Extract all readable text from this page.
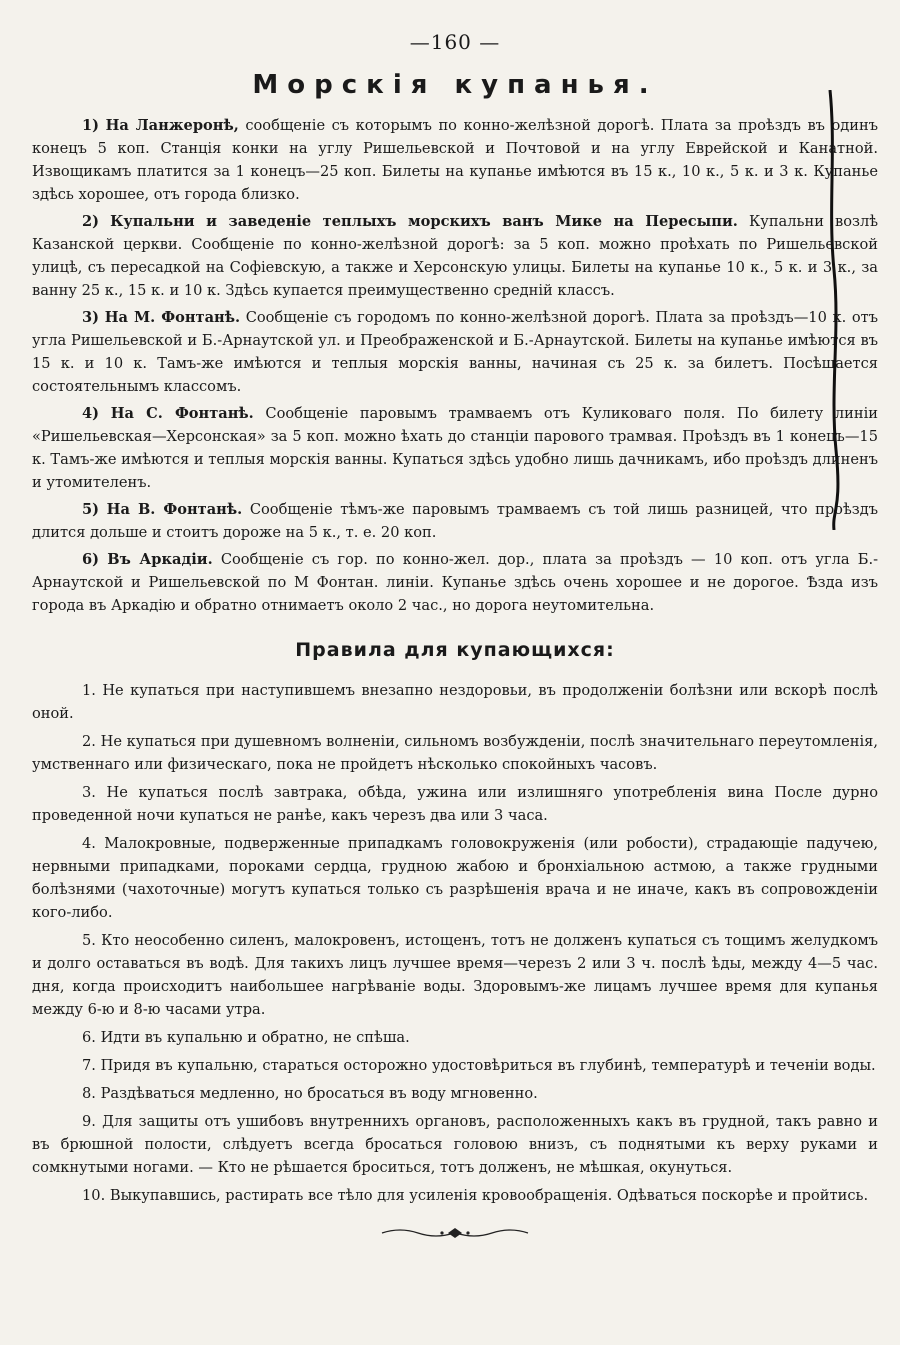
—160 —
Морскія купанья.

1) На Ланжеронѣ, сообщеніе съ которымъ по конно-желѣзной дорогѣ. Плата за проѣздъ въ одинъ конецъ 5 коп. Станція конки на углу Ришельевской и Почтовой и на углу Еврейской и Канатной. Извощикамъ платится за 1 конецъ—25 коп. Билеты на купанье имѣются въ 15 к., 10 к., 5 к. и 3 к. Купанье здѣсь хорошее, отъ города близко.

2) Купальни и заведеніе теплыхъ морскихъ ванъ Мике на Пересыпи. Купальни возлѣ Казанской церкви. Сообщеніе по конно-желѣзной дорогѣ: за 5 коп. можно проѣхать по Ришельевской улицѣ, съ пересадкой на Софіевскую, а также и Херсонскую улицы. Билеты на купанье 10 к., 5 к. и 3 к., за ванну 25 к., 15 к. и 10 к. Здѣсь купается преимущественно средній классъ.

3) На М. Фонтанѣ. Сообщеніе съ городомъ по конно-желѣзной дорогѣ. Плата за проѣздъ—10 к. отъ угла Ришельевской и Б.-Арнаутской ул. и Преображенской и Б.-Арнаутской. Билеты на купанье имѣются въ 15 к. и 10 к. Тамъ-же имѣются и теплыя морскія ванны, начиная съ 25 к. за билетъ. Посѣщается состоятельнымъ классомъ.

4) На С. Фонтанѣ. Сообщеніе паровымъ трамваемъ отъ Куликоваго поля. По билету линіи «Ришельевская—Херсонская» за 5 коп. можно ѣхать до станціи парового трамвая. Проѣздъ въ 1 конецъ—15 к. Тамъ-же имѣются и теплыя морскія ванны. Купаться здѣсь удобно лишь дачникамъ, ибо проѣздъ длиненъ и утомителенъ.

5) На В. Фонтанѣ. Сообщеніе тѣмъ-же паровымъ трамваемъ съ той лишь разницей, что проѣздъ длится дольше и стоитъ дороже на 5 к., т. е. 20 коп.

6) Въ Аркадіи. Сообщеніе съ гор. по конно-жел. дор., плата за проѣздъ — 10 коп. отъ угла Б.-Арнаутской и Ришельевской по М Фонтан. линіи. Купанье здѣсь очень хорошее и не дорогое. Ѣзда изъ города въ Аркадію и обратно отнимаетъ около 2 час., но дорога неутомительна.

Правила для купающихся:

1. Не купаться при наступившемъ внезапно нездоровьи, въ продолженіи болѣзни или вскорѣ послѣ оной.

2. Не купаться при душевномъ волненіи, сильномъ возбужденіи, послѣ значительнаго переутомленія, умственнаго или физическаго, пока не пройдетъ нѣсколько спокойныхъ часовъ.

3. Не купаться послѣ завтрака, обѣда, ужина или излишняго употребленія вина После дурно проведенной ночи купаться не ранѣе, какъ черезъ два или 3 часа.

4. Малокровные, подверженные припадкамъ головокруженія (или робости), страдающіе падучею, нервными припадками, пороками сердца, грудною жабою и бронхіальною астмою, а также грудными болѣзнями (чахоточные) могутъ купаться только съ разрѣшенія врача и не иначе, какъ въ сопровожденіи кого-либо.

5. Кто неособенно силенъ, малокровенъ, истощенъ, тотъ не долженъ купаться съ тощимъ желудкомъ и долго оставаться въ водѣ. Для такихъ лицъ лучшее время—черезъ 2 или 3 ч. послѣ ѣды, между 4—5 час. дня, когда происходитъ наибольшее нагрѣваніе воды. Здоровымъ-же лицамъ лучшее время для купанья между 6-ю и 8-ю часами утра.

6. Идти въ купальню и обратно, не спѣша.

7. Придя въ купальню, стараться осторожно удостовѣриться въ глубинѣ, температурѣ и теченіи воды.

8. Раздѣваться медленно, но бросаться въ воду мгновенно.

9. Для защиты отъ ушибовъ внутреннихъ органовъ, расположенныхъ какъ въ грудной, такъ равно и въ брюшной полости, слѣдуетъ всегда бросаться головою внизъ, съ поднятыми къ верху руками и сомкнутыми ногами. — Кто не рѣшается броситься, тотъ долженъ, не мѣшкая, окунуться.

10. Выкупавшись, растирать все тѣло для усиленія кровообращенія. Одѣваться поскорѣе и пройтись.
